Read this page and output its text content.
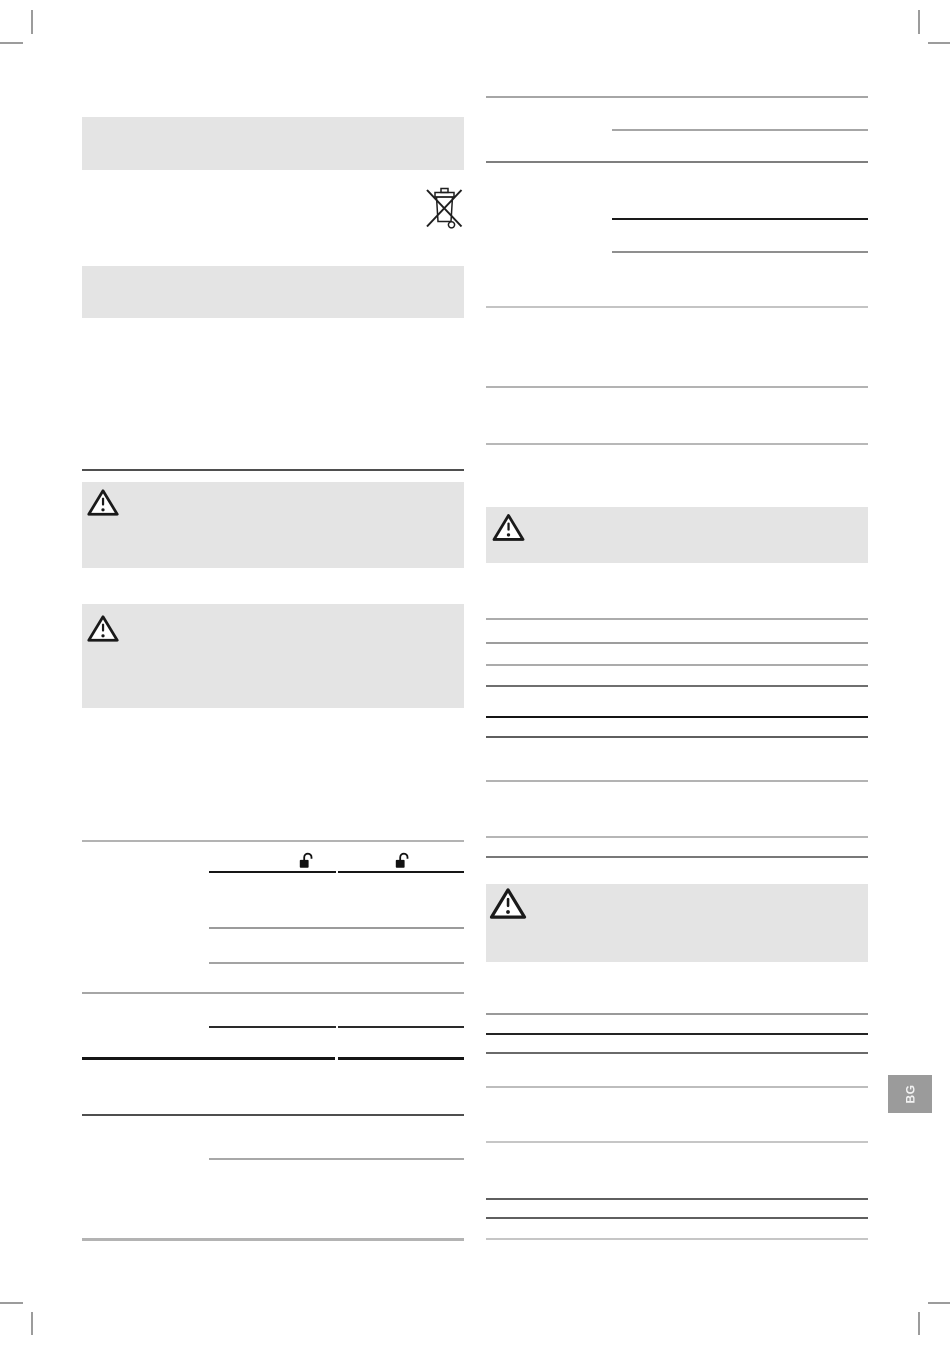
BG
